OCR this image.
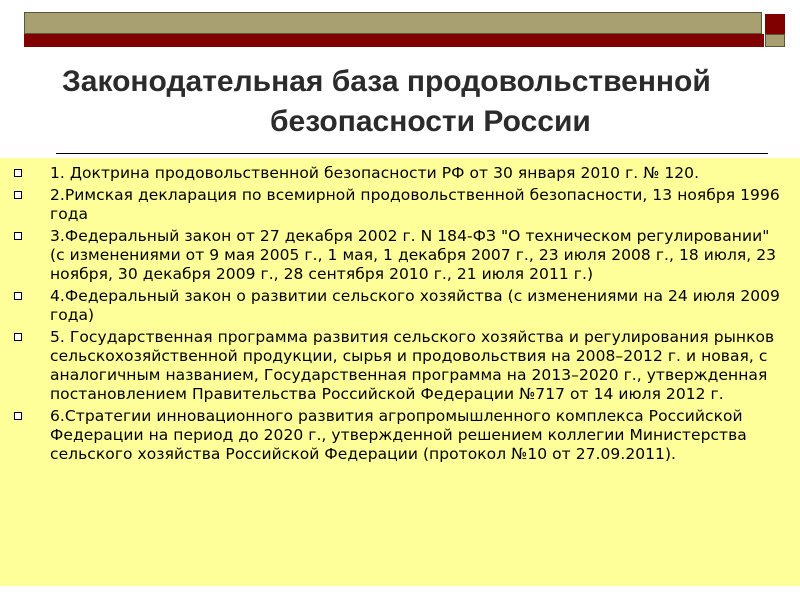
Законодательная база продовольственной
безопасности России
1. Доктрина продовольственной безопасности РФ от 30 января 2010 г. № 120.
2.Римская декларация по всемирной продовольственной безопасности, 13 ноября 1996 года
3.Федеральный закон от 27 декабря 2002 г. N 184-ФЗ "О техническом регулировании" (с изменениями от 9 мая 2005 г., 1 мая, 1 декабря 2007 г., 23 июля 2008 г., 18 июля, 23 ноября, 30 декабря 2009 г., 28 сентября 2010 г., 21 июля 2011 г.)
4.Федеральный закон о развитии сельского хозяйства (с изменениями на 24 июля 2009 года)
5. Государственная программа развития сельского хозяйства и регулирования рынков сельскохозяйственной продукции, сырья и продовольствия на 2008–2012 г. и новая, с аналогичным названием, Государственная программа на 2013–2020 г., утвержденная постановлением Правительства Российской Федерации №717 от 14 июля 2012 г.
6.Стратегии инновационного развития агропромышленного комплекса Российской Федерации на период до 2020 г., утвержденной решением коллегии Министерства сельского хозяйства Российской Федерации (протокол №10 от 27.09.2011).
